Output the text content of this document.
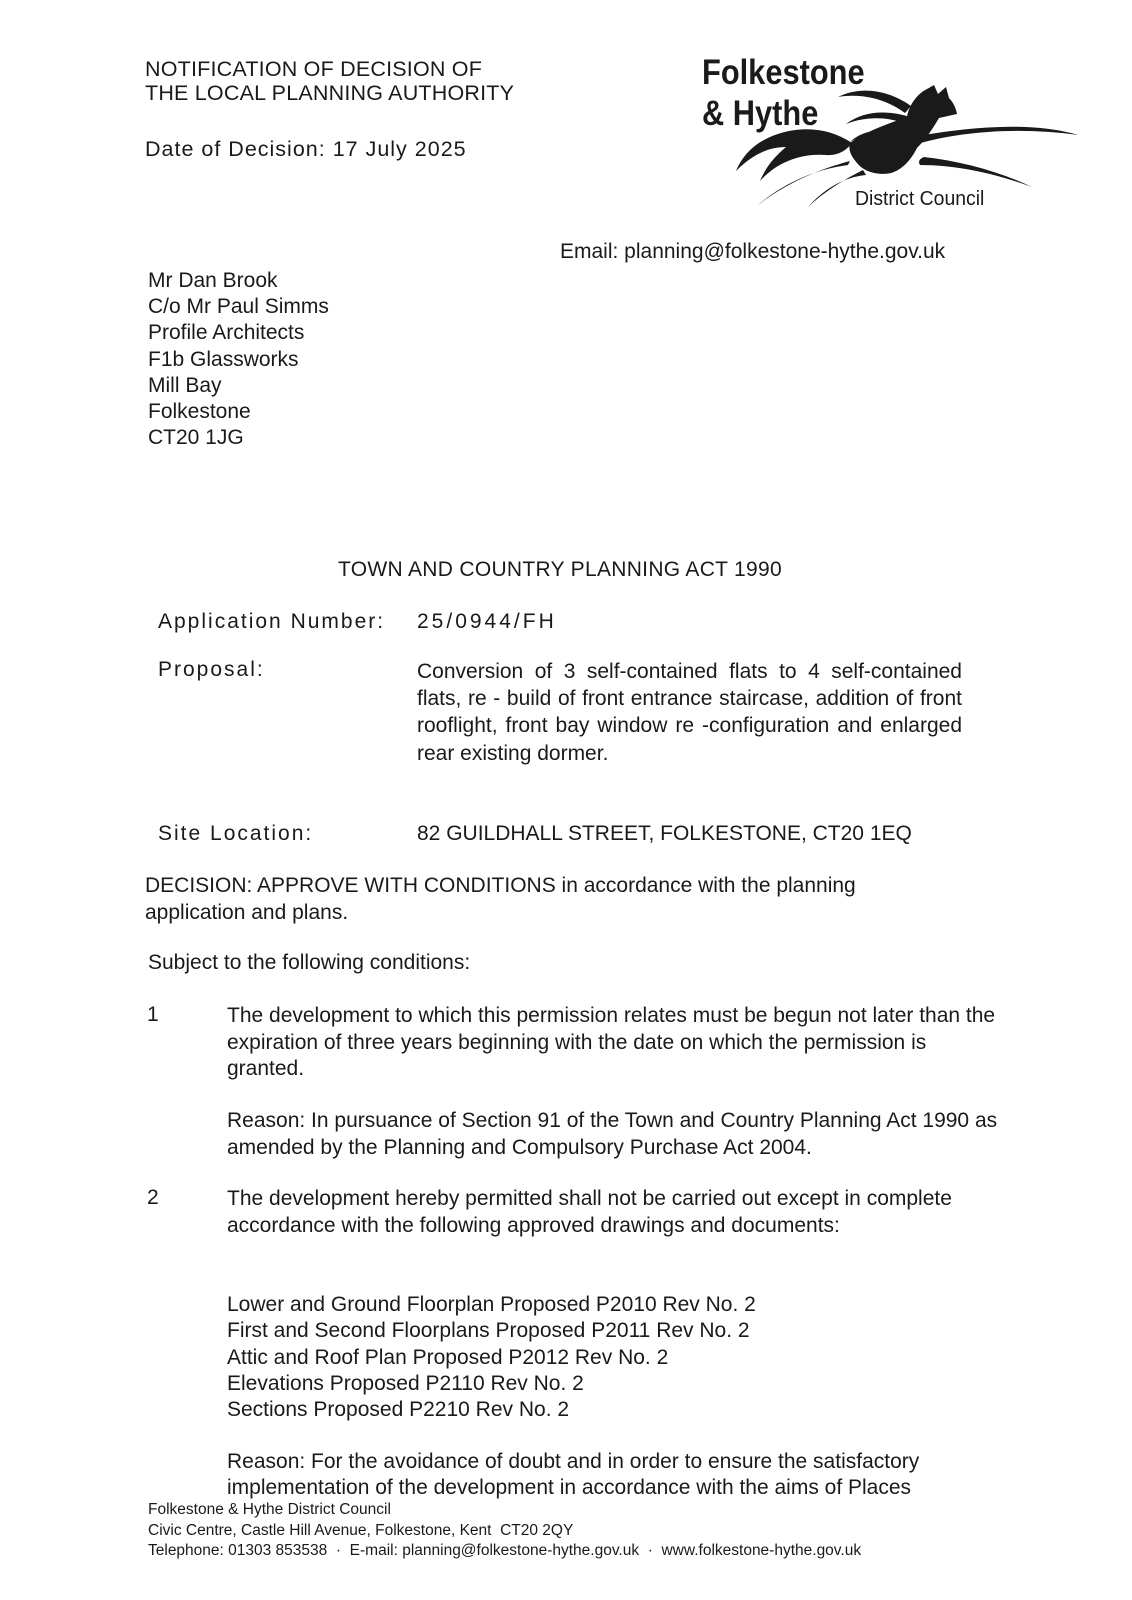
NOTIFICATION OF DECISION OF
THE LOCAL PLANNING AUTHORITY
Date of Decision: 17 July 2025
Folkestone
& Hythe
District Council
Email: planning@folkestone-hythe.gov.uk
Mr Dan Brook
C/o Mr Paul Simms
Profile Architects
F1b Glassworks
Mill Bay
Folkestone
CT20 1JG
TOWN AND COUNTRY PLANNING ACT 1990
Application Number: 25/0944/FH
Proposal:	Conversion of 3 self-contained flats to 4 self-contained flats, re - build of front entrance staircase, addition of front rooflight, front bay window re -configuration and enlarged rear existing dormer.
Site Location:	82 GUILDHALL STREET, FOLKESTONE, CT20 1EQ
DECISION: APPROVE WITH CONDITIONS in accordance with the planning application and plans.
Subject to the following conditions:
1	The development to which this permission relates must be begun not later than the expiration of three years beginning with the date on which the permission is granted.
Reason: In pursuance of Section 91 of the Town and Country Planning Act 1990 as amended by the Planning and Compulsory Purchase Act 2004.
2	The development hereby permitted shall not be carried out except in complete accordance with the following approved drawings and documents:
Lower and Ground Floorplan Proposed P2010 Rev No. 2
First and Second Floorplans Proposed P2011 Rev No. 2
Attic and Roof Plan Proposed P2012 Rev No. 2
Elevations Proposed P2110 Rev No. 2
Sections Proposed P2210 Rev No. 2
Reason: For the avoidance of doubt and in order to ensure the satisfactory implementation of the development in accordance with the aims of Places
Folkestone & Hythe District Council
Civic Centre, Castle Hill Avenue, Folkestone, Kent  CT20 2QY
Telephone: 01303 853538  ·  E-mail: planning@folkestone-hythe.gov.uk  ·  www.folkestone-hythe.gov.uk
